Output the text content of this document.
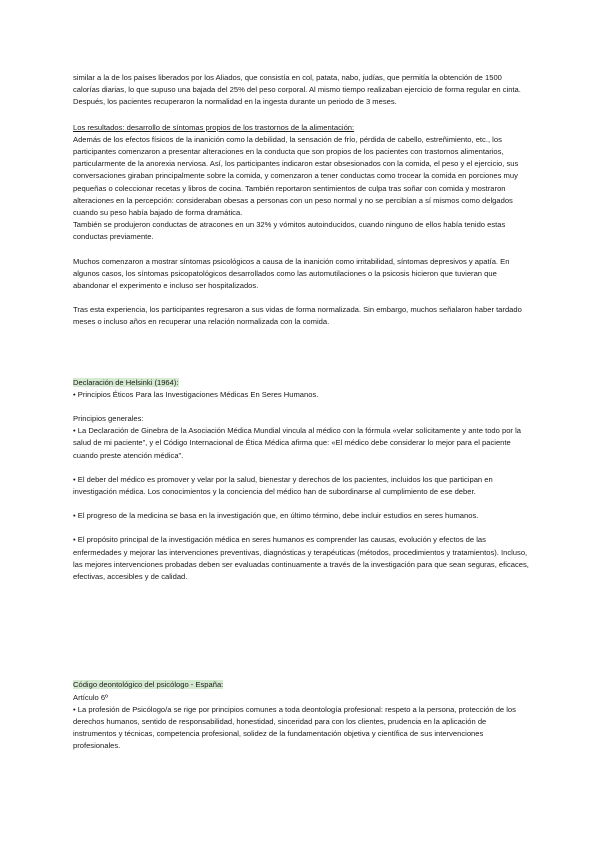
similar a la de los países liberados por los Aliados, que consistía en col, patata, nabo, judías, que permitía la obtención de 1500 calorías diarias, lo que supuso una bajada del 25% del peso corporal. Al mismo tiempo realizaban ejercicio de forma regular en cinta. Después, los pacientes recuperaron la normalidad en la ingesta durante un periodo de 3 meses.

Los resultados: desarrollo de síntomas propios de los trastornos de la alimentación:

Además de los efectos físicos de la inanición como la debilidad, la sensación de frío, pérdida de cabello, estreñimiento, etc., los participantes comenzaron a presentar alteraciones en la conducta que son propios de los pacientes con trastornos alimentarios, particularmente de la anorexia nerviosa. Así, los participantes indicaron estar obsesionados con la comida, el peso y el ejercicio, sus conversaciones giraban principalmente sobre la comida, y comenzaron a tener conductas como trocear la comida en porciones muy pequeñas o coleccionar recetas y libros de cocina. También reportaron sentimientos de culpa tras soñar con comida y mostraron alteraciones en la percepción: consideraban obesas a personas con un peso normal y no se percibían a sí mismos como delgados cuando su peso había bajado de forma dramática.

También se produjeron conductas de atracones en un 32% y vómitos autoinducidos, cuando ninguno de ellos había tenido estas conductas previamente.

Muchos comenzaron a mostrar síntomas psicológicos a causa de la inanición como irritabilidad, síntomas depresivos y apatía. En algunos casos, los síntomas psicopatológicos desarrollados como las automutilaciones o la psicosis hicieron que tuvieran que abandonar el experimento e incluso ser hospitalizados.

Tras esta experiencia, los participantes regresaron a sus vidas de forma normalizada. Sin embargo, muchos señalaron haber tardado meses o incluso años en recuperar una relación normalizada con la comida.

Declaración de Helsinki (1964):

• Principios Éticos Para las Investigaciones Médicas En Seres Humanos.

Principios generales:

• La Declaración de Ginebra de la Asociación Médica Mundial vincula al médico con la fórmula «velar solícitamente y ante todo por la salud de mi paciente”, y el Código Internacional de Ética Médica afirma que: «El médico debe considerar lo mejor para el paciente cuando preste atención médica”.

• El deber del médico es promover y velar por la salud, bienestar y derechos de los pacientes, incluidos los que participan en investigación médica. Los conocimientos y la conciencia del médico han de subordinarse al cumplimiento de ese deber.

• El progreso de la medicina se basa en la investigación que, en último término, debe incluir estudios en seres humanos.

• El propósito principal de la investigación médica en seres humanos es comprender las causas, evolución y efectos de las enfermedades y mejorar las intervenciones preventivas, diagnósticas y terapéuticas (métodos, procedimientos y tratamientos). Incluso, las mejores intervenciones probadas deben ser evaluadas continuamente a través de la investigación para que sean seguras, eficaces, efectivas, accesibles y de calidad.

Código deontológico del psicólogo - España:

Artículo 6º

• La profesión de Psicólogo/a se rige por principios comunes a toda deontología profesional: respeto a la persona, protección de los derechos humanos, sentido de responsabilidad, honestidad, sinceridad para con los clientes, prudencia en la aplicación de instrumentos y técnicas, competencia profesional, solidez de la fundamentación objetiva y científica de sus intervenciones profesionales.
